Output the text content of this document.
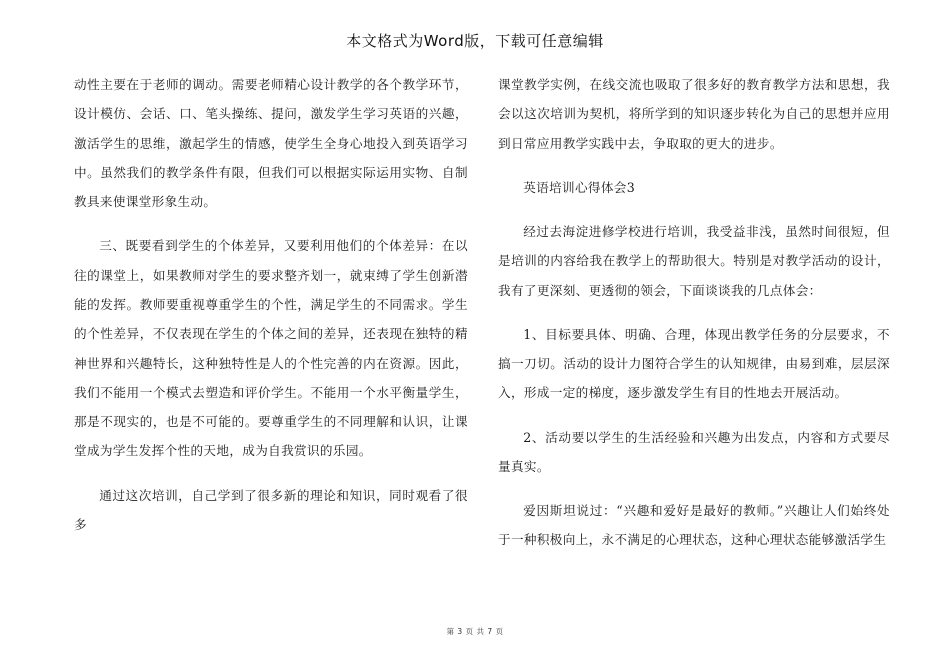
本文格式为Word版，下载可任意编辑

动性主要在于老师的调动。需要老师精心设计教学的各个教学环节，设计模仿、会话、口、笔头操练、提问，激发学生学习英语的兴趣，激活学生的思维，激起学生的情感，使学生全身心地投入到英语学习中。虽然我们的教学条件有限，但我们可以根据实际运用实物、自制教具来使课堂形象生动。

三、既要看到学生的个体差异，又要利用他们的个体差异：在以往的课堂上，如果教师对学生的要求整齐划一，就束缚了学生创新潜能的发挥。教师要重视尊重学生的个性，满足学生的不同需求。学生的个性差异，不仅表现在学生的个体之间的差异，还表现在独特的精神世界和兴趣特长，这种独特性是人的个性完善的内在资源。因此，我们不能用一个模式去塑造和评价学生。不能用一个水平衡量学生，那是不现实的，也是不可能的。要尊重学生的不同理解和认识，让课堂成为学生发挥个性的天地，成为自我赏识的乐园。

通过这次培训，自己学到了很多新的理论和知识，同时观看了很多

课堂教学实例，在线交流也吸取了很多好的教育教学方法和思想，我会以这次培训为契机，将所学到的知识逐步转化为自己的思想并应用到日常应用教学实践中去，争取取的更大的进步。

英语培训心得体会3

经过去海淀进修学校进行培训，我受益非浅，虽然时间很短，但是培训的内容给我在教学上的帮助很大。特别是对教学活动的设计，我有了更深刻、更透彻的领会，下面谈谈我的几点体会：

1、目标要具体、明确、合理，体现出教学任务的分层要求，不搞一刀切。活动的设计力图符合学生的认知规律，由易到难，层层深入，形成一定的梯度，逐步激发学生有目的性地去开展活动。

2、活动要以学生的生活经验和兴趣为出发点，内容和方式要尽量真实。

爱因斯坦说过：“兴趣和爱好是最好的教师。”兴趣让人们始终处于一种积极向上，永不满足的心理状态，这种心理状态能够激活学生

第 3 页 共 7 页
